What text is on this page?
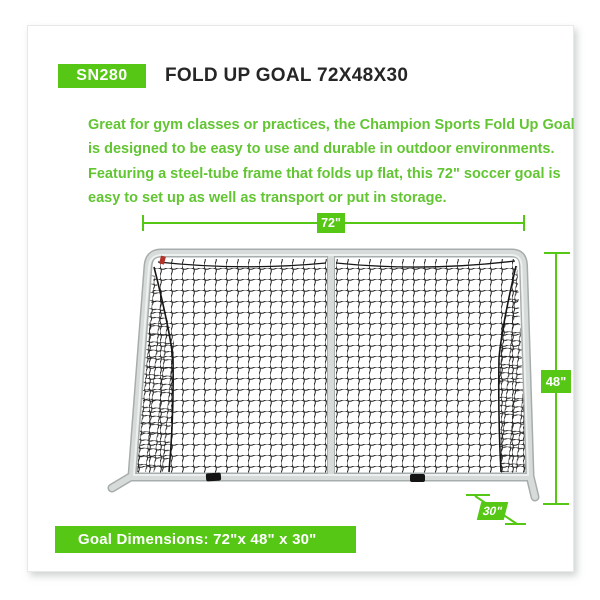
SN280	FOLD UP GOAL 72X48X30

Great for gym classes or practices, the Champion Sports Fold Up Goal is designed to be easy to use and durable in outdoor environments. Featuring a steel-tube frame that folds up flat, this 72" soccer goal is easy to set up as well as transport or put in storage.

72"
48"
30"
Goal Dimensions: 72"x 48" x 30"
